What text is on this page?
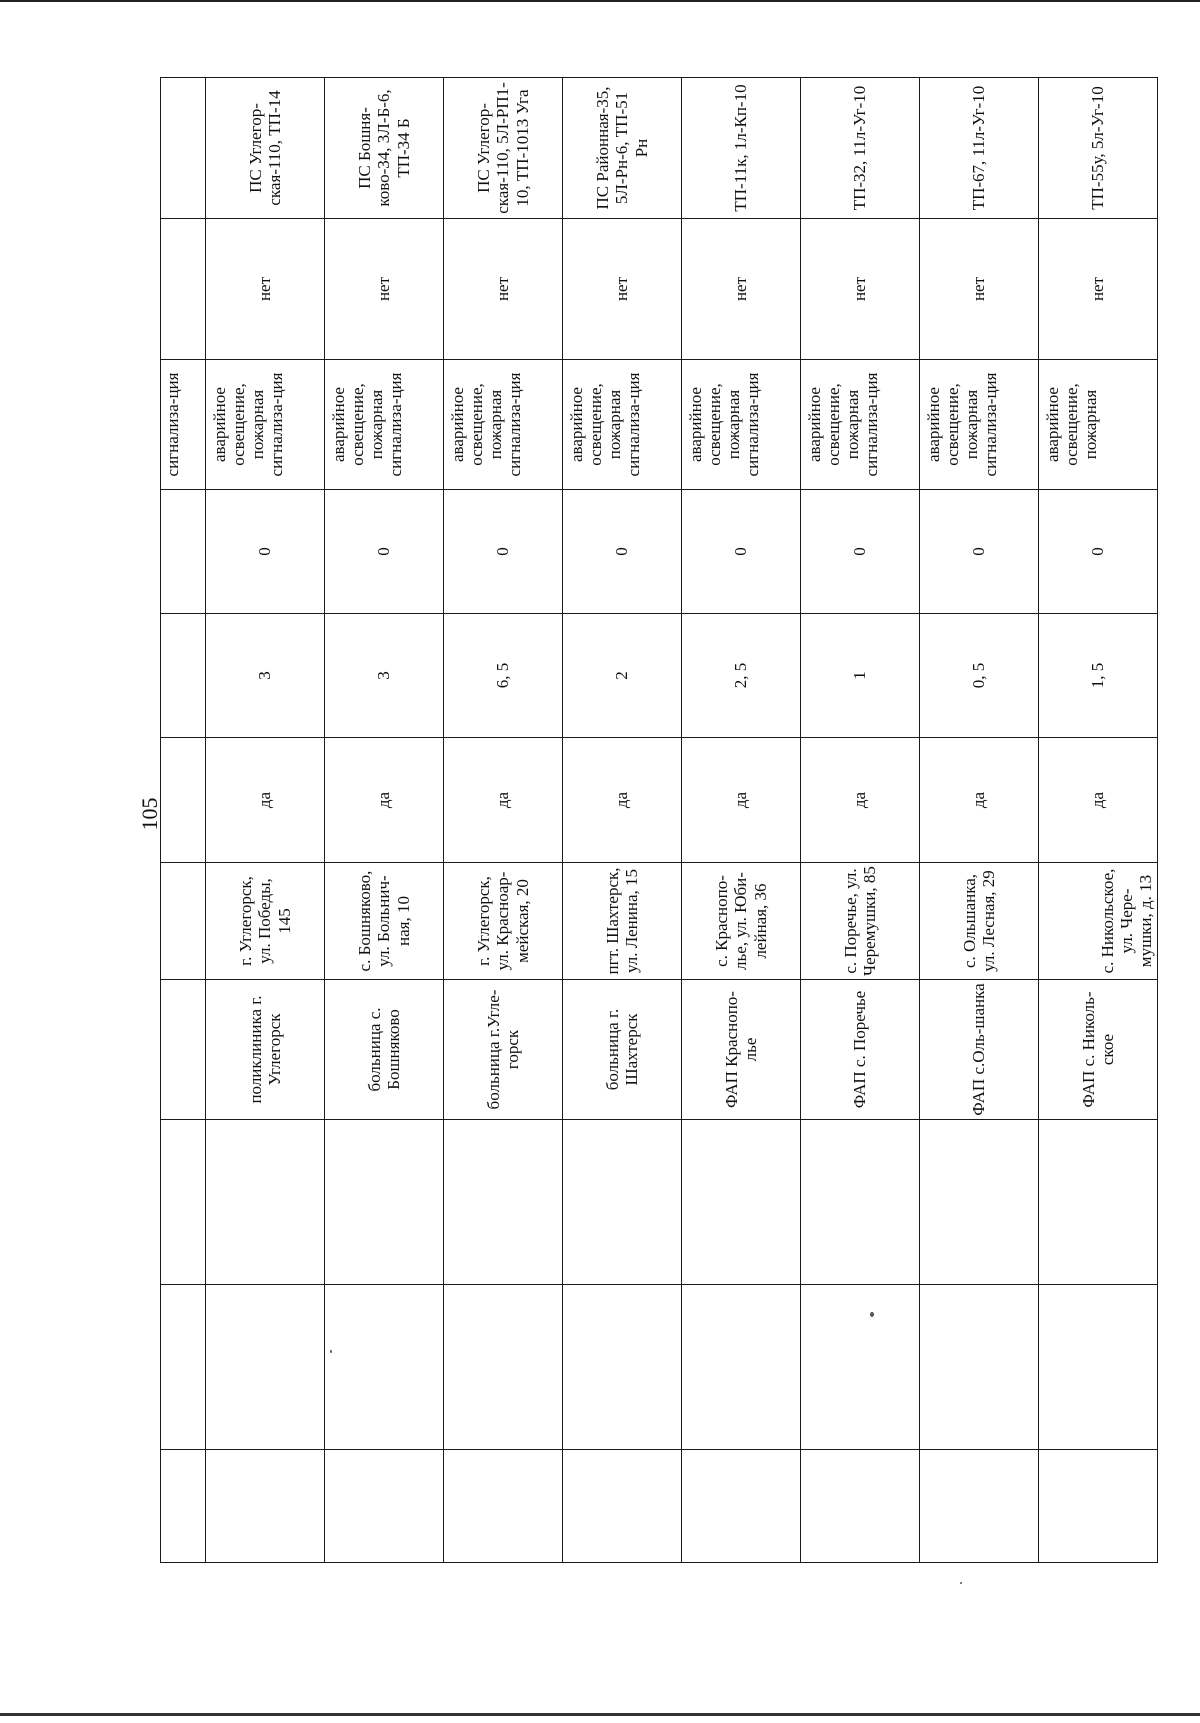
105
								сигнализа-ция		
			поликлиника г. Углегорск	г. Углегорск, ул. Победы, 145	да	3	0	аварийное освещение, пожарная сигнализа-ция	нет	ПС Углегор-ская-110, ТП-14
			больница с. Бошняково	с. Бошняково, ул. Больнич-ная, 10	да	3	0	аварийное освещение, пожарная сигнализа-ция	нет	ПС Бошня-ково-34, 3Л-Б-6, ТП-34 Б
			больница г.Угле-горск	г. Углегорск, ул. Краснoар-мейская, 20	да	6, 5	0	аварийное освещение, пожарная сигнализа-ция	нет	ПС Углегор-ская-110, 5Л-РП1-10, ТП-1013 Уга
			больница г. Шахтерск	пгт. Шахтерск, ул. Ленина, 15	да	2	0	аварийное освещение, пожарная сигнализа-ция	нет	ПС Районная-35, 5Л-Рн-6, ТП-51 Рн
			ФАП Краснопо-лье	с. Краснопо-лье, ул. Юби-лейная, 36	да	2, 5	0	аварийное освещение, пожарная сигнализа-ция	нет	ТП-11к, 1л-Кп-10
			ФАП с. Поречье	с. Поречье, ул. Черемушки, 85	да	1	0	аварийное освещение, пожарная сигнализа-ция	нет	ТП-32, 11л-Уг-10
			ФАП с.Оль-шанка	с. Ольшанка, ул. Лесная, 29	да	0, 5	0	аварийное освещение, пожарная сигнализа-ция	нет	ТП-67, 11л-Уг-10
			ФАП с. Николь-ское	с. Никольское, ул. Чере-мушки, д. 13	да	1, 5	0	аварийное освещение, пожарная	нет	ТП-55у, 5л-Уг-10
